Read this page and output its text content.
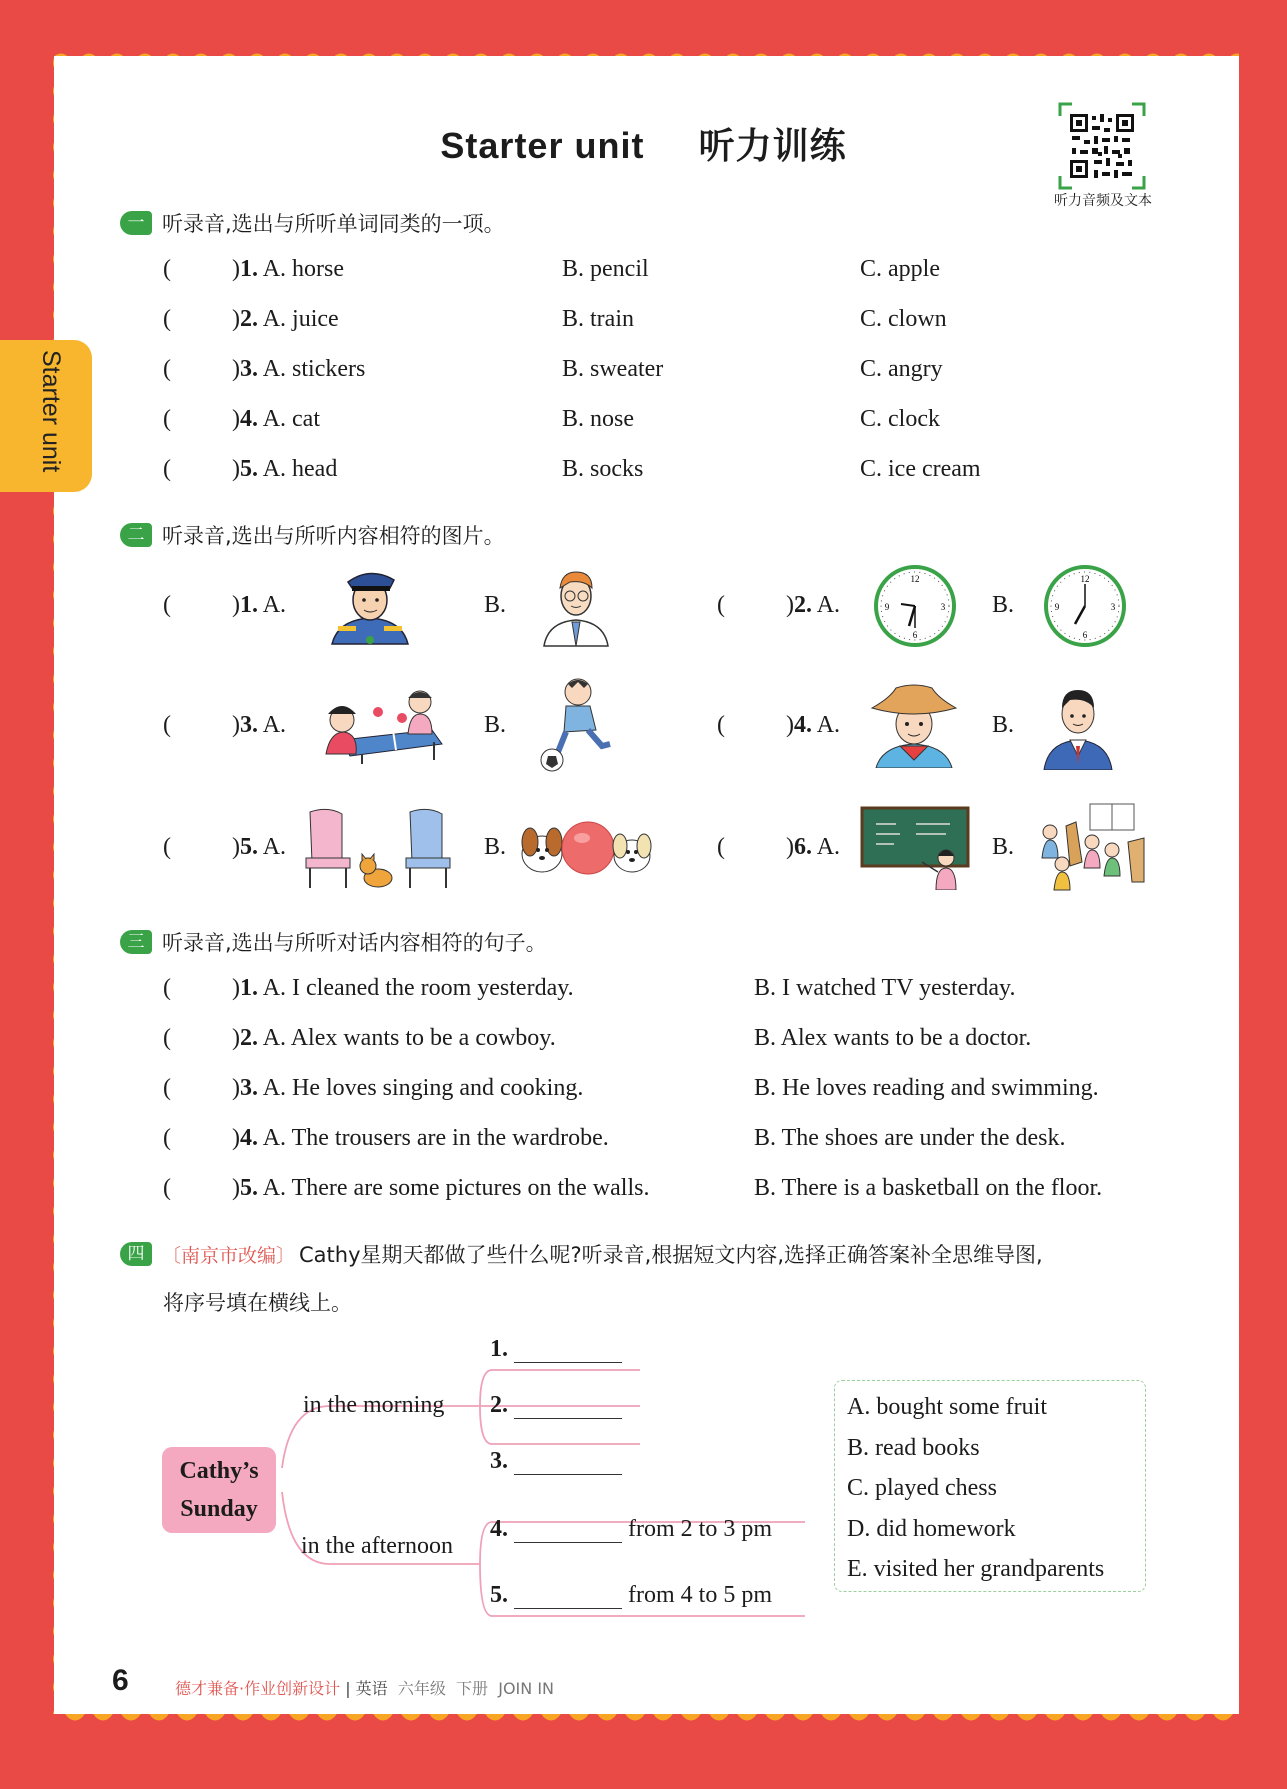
Starter unit
Starter unit 听力训练
听力音频及文本
一 听录音,选出与所听单词同类的一项。
(	)1. A. horse	B. pencil	C. apple
(	)2. A. juice	B. train	C. clown
(	)3. A. stickers	B. sweater	C. angry
(	)4. A. cat	B. nose	C. clock
(	)5. A. head	B. socks	C. ice cream
二 听录音,选出与所听内容相符的图片。
(	)1. A.	B.	(	)2. A.	B.
(	)3. A.	B.	(	)4. A.	B.
(	)5. A.	B.	(	)6. A.	B.
12
3
6
9
12
3
6
9
三 听录音,选出与所听对话内容相符的句子。
(	)1. A. I cleaned the room yesterday.	B. I watched TV yesterday.
(	)2. A. Alex wants to be a cowboy.	B. Alex wants to be a doctor.
(	)3. A. He loves singing and cooking.	B. He loves reading and swimming.
(	)4. A. The trousers are in the wardrobe.	B. The shoes are under the desk.
(	)5. A. There are some pictures on the walls.	B. There is a basketball on the floor.
四 〔南京市改编〕 Cathy星期天都做了些什么呢?听录音,根据短文内容,选择正确答案补全思维导图,
将序号填在横线上。
Cathy’s
Sunday
in the morning
in the afternoon
1.
2.
3.
4.	from 2 to 3 pm
5.	from 4 to 5 pm
A. bought some fruit
B. read books
C. played chess
D. did homework
E. visited her grandparents
6	德才兼备·作业创新设计 | 英语 六年级 下册 JOIN IN
